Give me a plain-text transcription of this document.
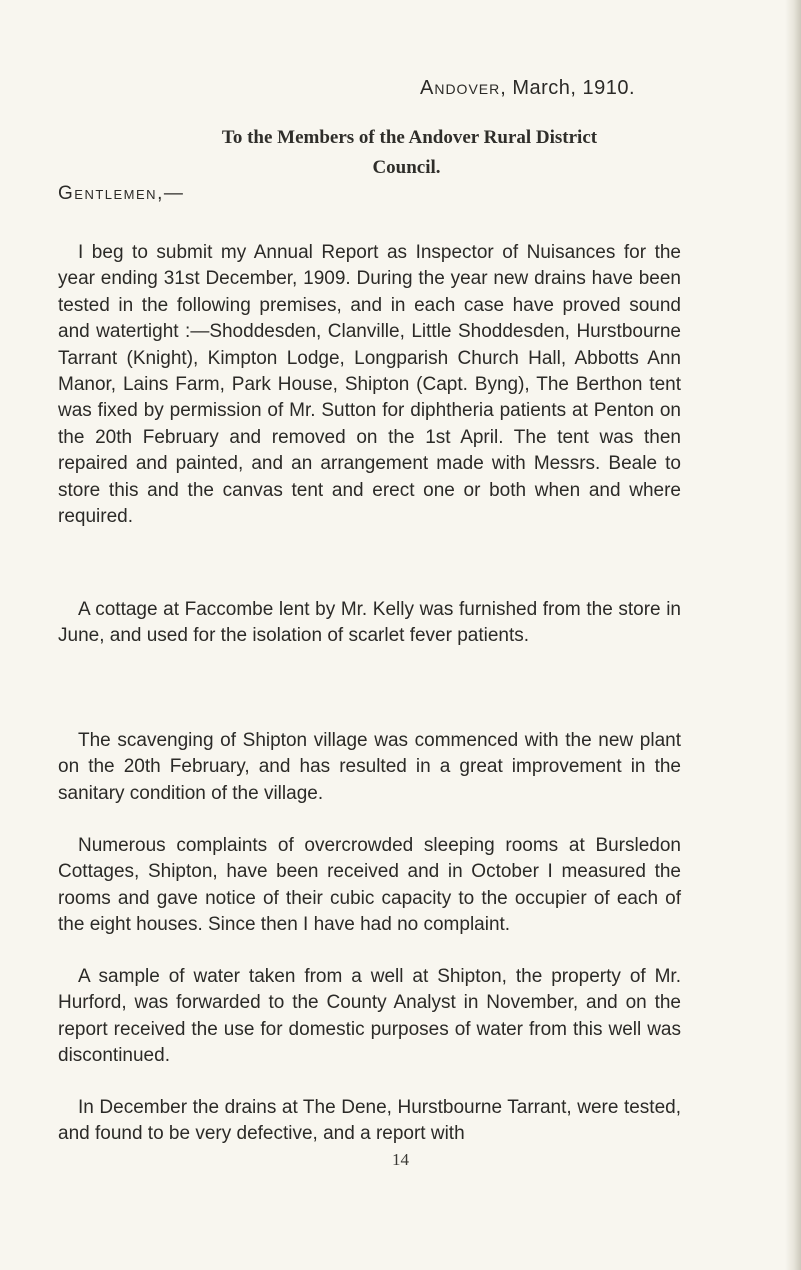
Andover, March, 1910.
To the Members of the Andover Rural District
Council.
Gentlemen,—

I beg to submit my Annual Report as Inspector of Nuisances for the year ending 31st December, 1909. During the year new drains have been tested in the following premises, and in each case have proved sound and watertight :—Shoddesden, Clanville, Little Shoddesden, Hurstbourne Tarrant (Knight), Kimpton Lodge, Longparish Church Hall, Abbotts Ann Manor, Lains Farm, Park House, Shipton (Capt. Byng), The Berthon tent was fixed by permission of Mr. Sutton for diphtheria patients at Penton on the 20th February and removed on the 1st April. The tent was then repaired and painted, and an arrangement made with Messrs. Beale to store this and the canvas tent and erect one or both when and where required.

A cottage at Faccombe lent by Mr. Kelly was furnished from the store in June, and used for the isolation of scarlet fever patients.

The scavenging of Shipton village was commenced with the new plant on the 20th February, and has resulted in a great improvement in the sanitary condition of the village.

Numerous complaints of overcrowded sleeping rooms at Bursledon Cottages, Shipton, have been received and in October I measured the rooms and gave notice of their cubic capacity to the occupier of each of the eight houses. Since then I have had no complaint.

A sample of water taken from a well at Shipton, the property of Mr. Hurford, was forwarded to the County Analyst in November, and on the report received the use for domestic purposes of water from this well was discontinued.

In December the drains at The Dene, Hurstbourne Tarrant, were tested, and found to be very defective, and a report with

14
